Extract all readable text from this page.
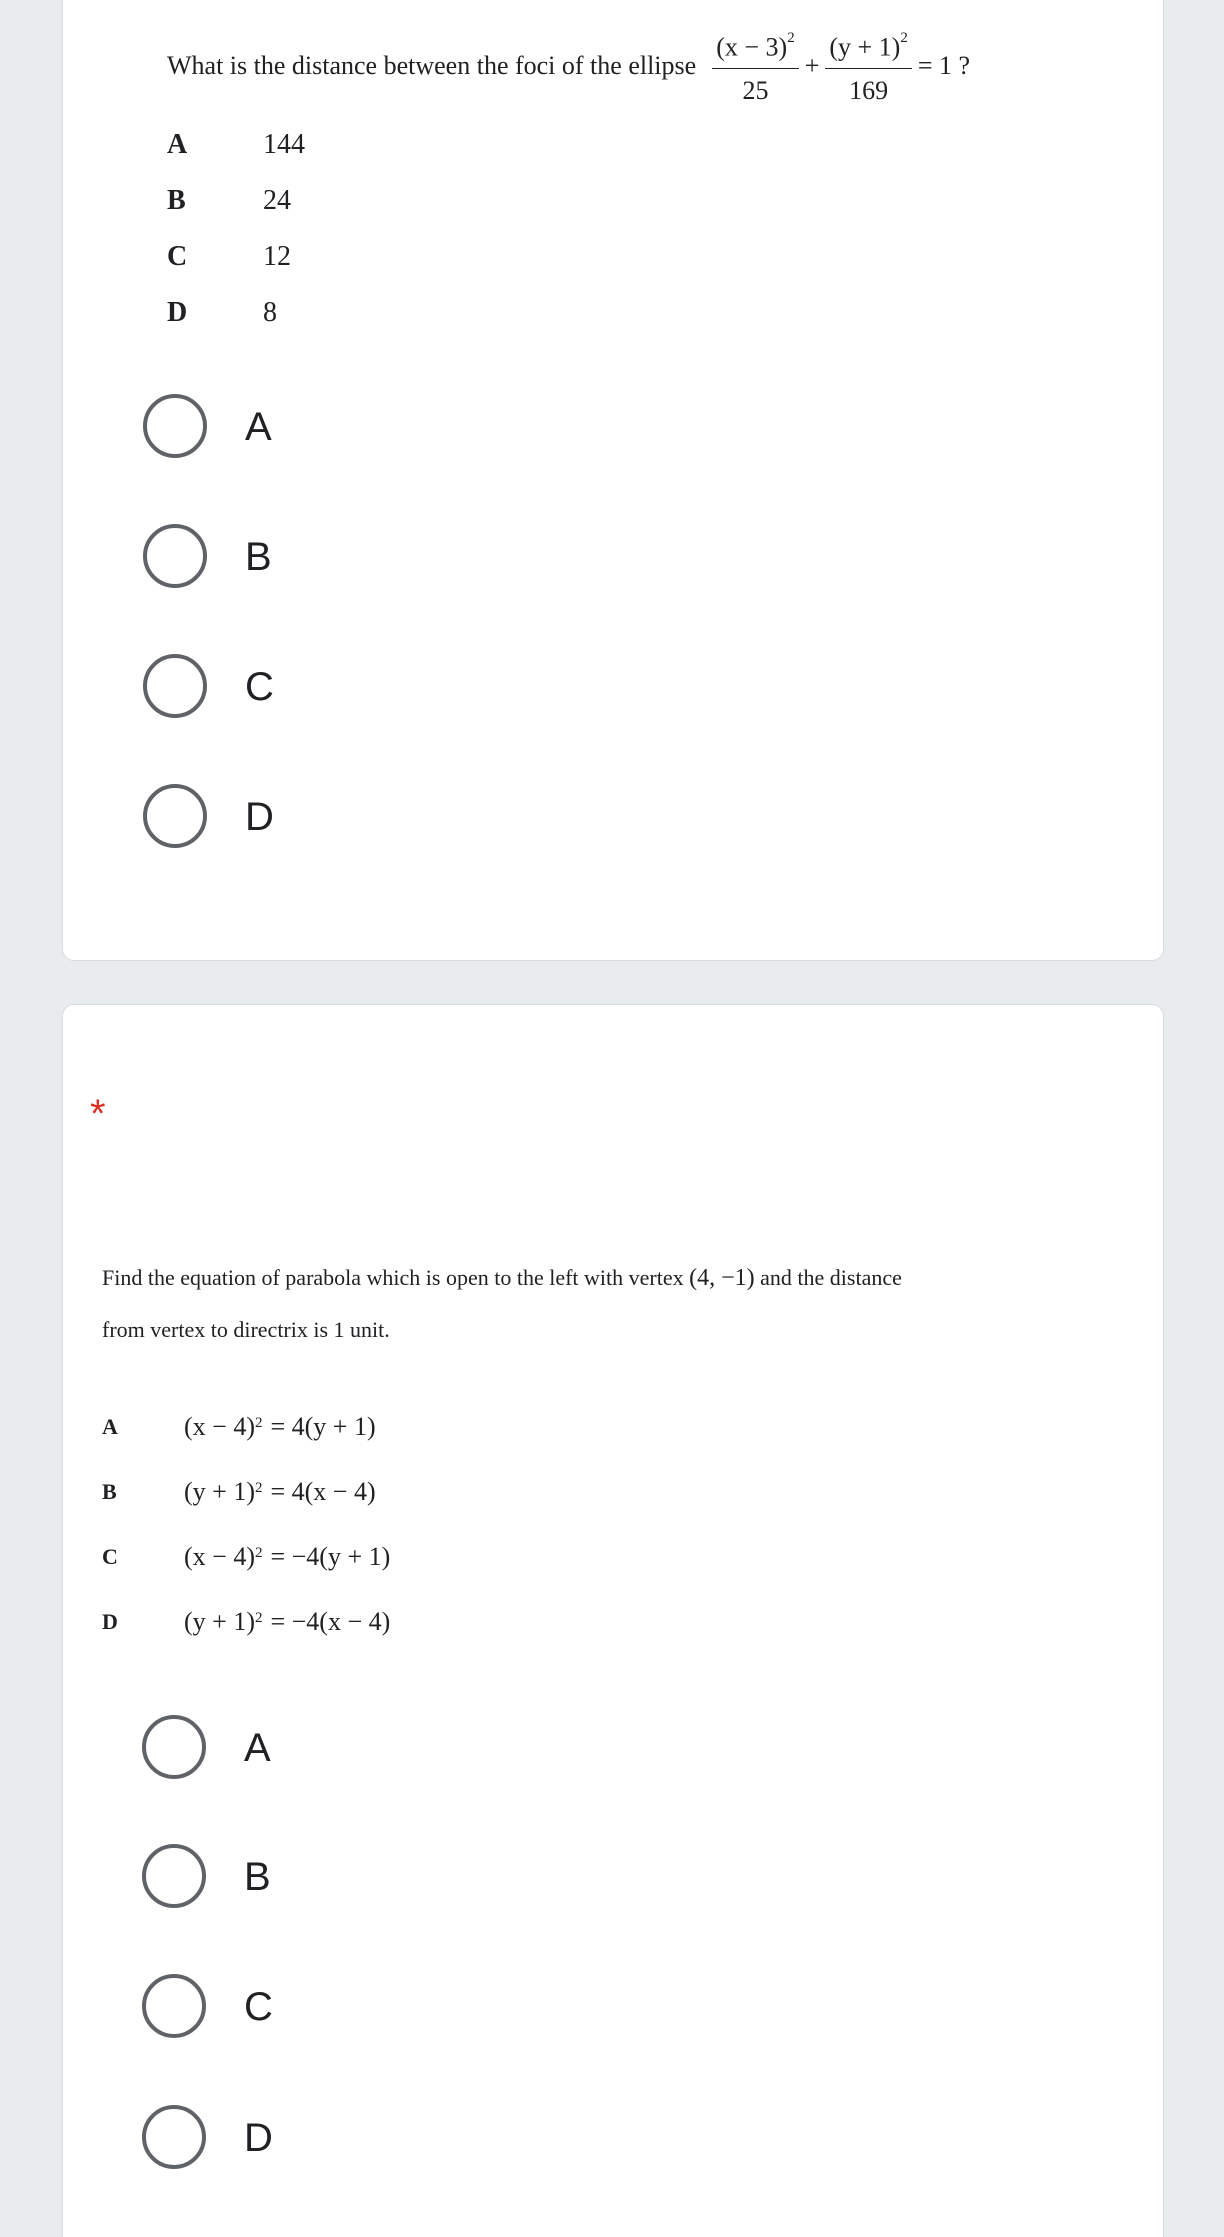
What is the distance between the foci of the ellipse $\frac{(x - 3)^2}{25} + \frac{(y + 1)^2}{169} = 1$ ?
A	144
B	24
C	12
D	8
A
B
C
D
*
Find the equation of parabola which is open to the left with vertex (4, −1) and the distance
from vertex to directrix is 1 unit.
A	$(x - 4)^2 = 4(y + 1)$
B	$(y + 1)^2 = 4(x - 4)$
C	$(x - 4)^2 = -4(y + 1)$
D	$(y + 1)^2 = -4(x - 4)$
A
B
C
D
